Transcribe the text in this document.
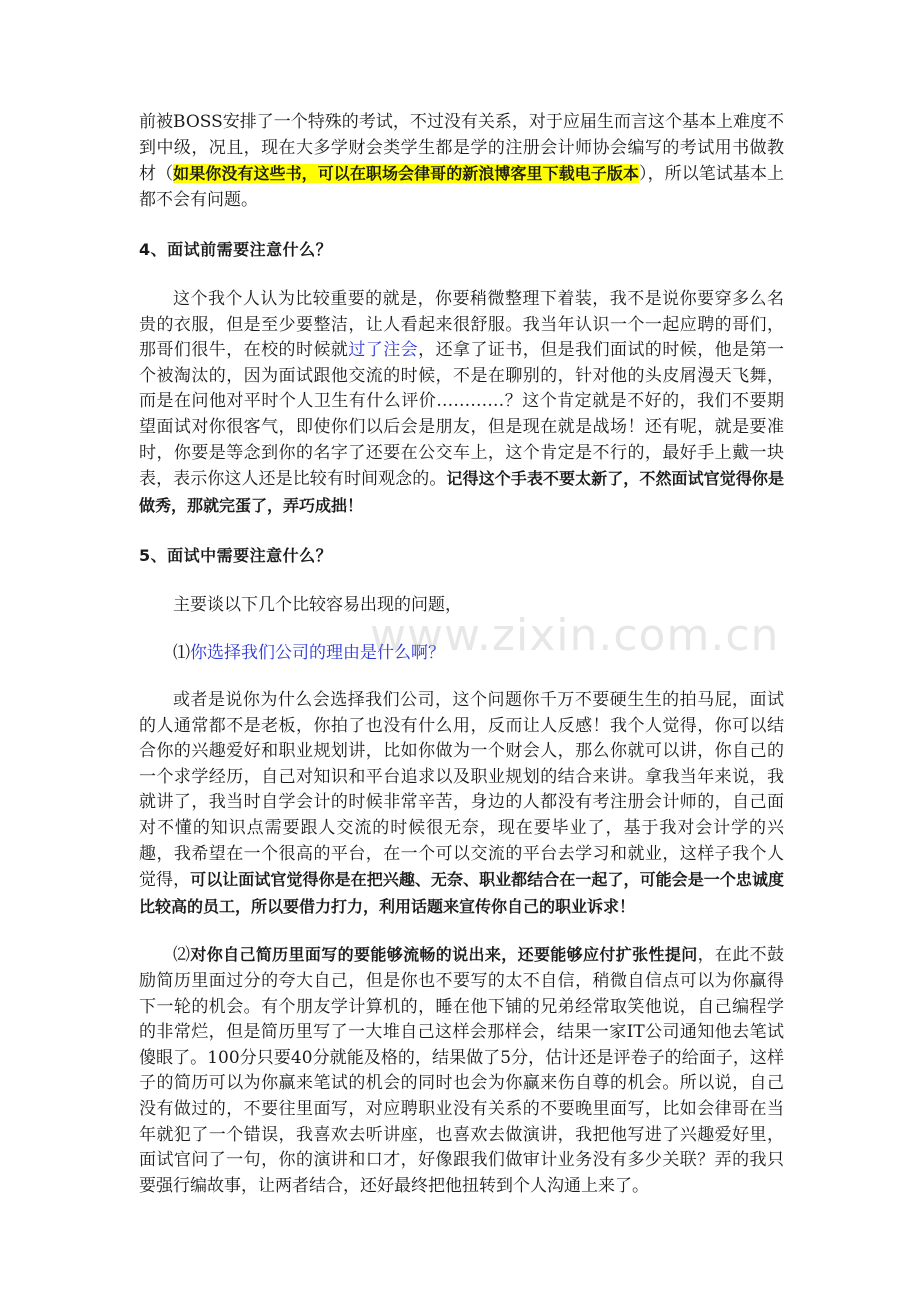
前被BOSS安排了一个特殊的考试，不过没有关系，对于应届生而言这个基本上难度不到中级，况且，现在大多学财会类学生都是学的注册会计师协会编写的考试用书做教材（如果你没有这些书，可以在职场会律哥的新浪博客里下载电子版本），所以笔试基本上都不会有问题。

4、面试前需要注意什么？

这个我个人认为比较重要的就是，你要稍微整理下着装，我不是说你要穿多么名贵的衣服，但是至少要整洁，让人看起来很舒服。我当年认识一个一起应聘的哥们，那哥们很牛，在校的时候就过了注会，还拿了证书，但是我们面试的时候，他是第一个被淘汰的，因为面试跟他交流的时候，不是在聊别的，针对他的头皮屑漫天飞舞，而是在问他对平时个人卫生有什么评价…………？这个肯定就是不好的，我们不要期望面试对你很客气，即使你们以后会是朋友，但是现在就是战场！还有呢，就是要准时，你要是等念到你的名字了还要在公交车上，这个肯定是不行的，最好手上戴一块表，表示你这人还是比较有时间观念的。记得这个手表不要太新了，不然面试官觉得你是做秀，那就完蛋了，弄巧成拙！

5、面试中需要注意什么？

主要谈以下几个比较容易出现的问题，

⑴你选择我们公司的理由是什么啊？

或者是说你为什么会选择我们公司，这个问题你千万不要硬生生的拍马屁，面试的人通常都不是老板，你拍了也没有什么用，反而让人反感！我个人觉得，你可以结合你的兴趣爱好和职业规划讲，比如你做为一个财会人，那么你就可以讲，你自己的一个求学经历，自己对知识和平台追求以及职业规划的结合来讲。拿我当年来说，我就讲了，我当时自学会计的时候非常辛苦，身边的人都没有考注册会计师的，自己面对不懂的知识点需要跟人交流的时候很无奈，现在要毕业了，基于我对会计学的兴趣，我希望在一个很高的平台，在一个可以交流的平台去学习和就业，这样子我个人觉得，可以让面试官觉得你是在把兴趣、无奈、职业都结合在一起了，可能会是一个忠诚度比较高的员工，所以要借力打力，利用话题来宣传你自己的职业诉求！

⑵对你自己简历里面写的要能够流畅的说出来，还要能够应付扩张性提问，在此不鼓励简历里面过分的夸大自己，但是你也不要写的太不自信，稍微自信点可以为你赢得下一轮的机会。有个朋友学计算机的，睡在他下铺的兄弟经常取笑他说，自己编程学的非常烂，但是简历里写了一大堆自己这样会那样会，结果一家IT公司通知他去笔试傻眼了。100分只要40分就能及格的，结果做了5分，估计还是评卷子的给面子，这样子的简历可以为你赢来笔试的机会的同时也会为你赢来伤自尊的机会。所以说，自己没有做过的，不要往里面写，对应聘职业没有关系的不要晚里面写，比如会律哥在当年就犯了一个错误，我喜欢去听讲座，也喜欢去做演讲，我把他写进了兴趣爱好里，面试官问了一句，你的演讲和口才，好像跟我们做审计业务没有多少关联？弄的我只要强行编故事，让两者结合，还好最终把他扭转到个人沟通上来了。

www.zixin.com.cn
